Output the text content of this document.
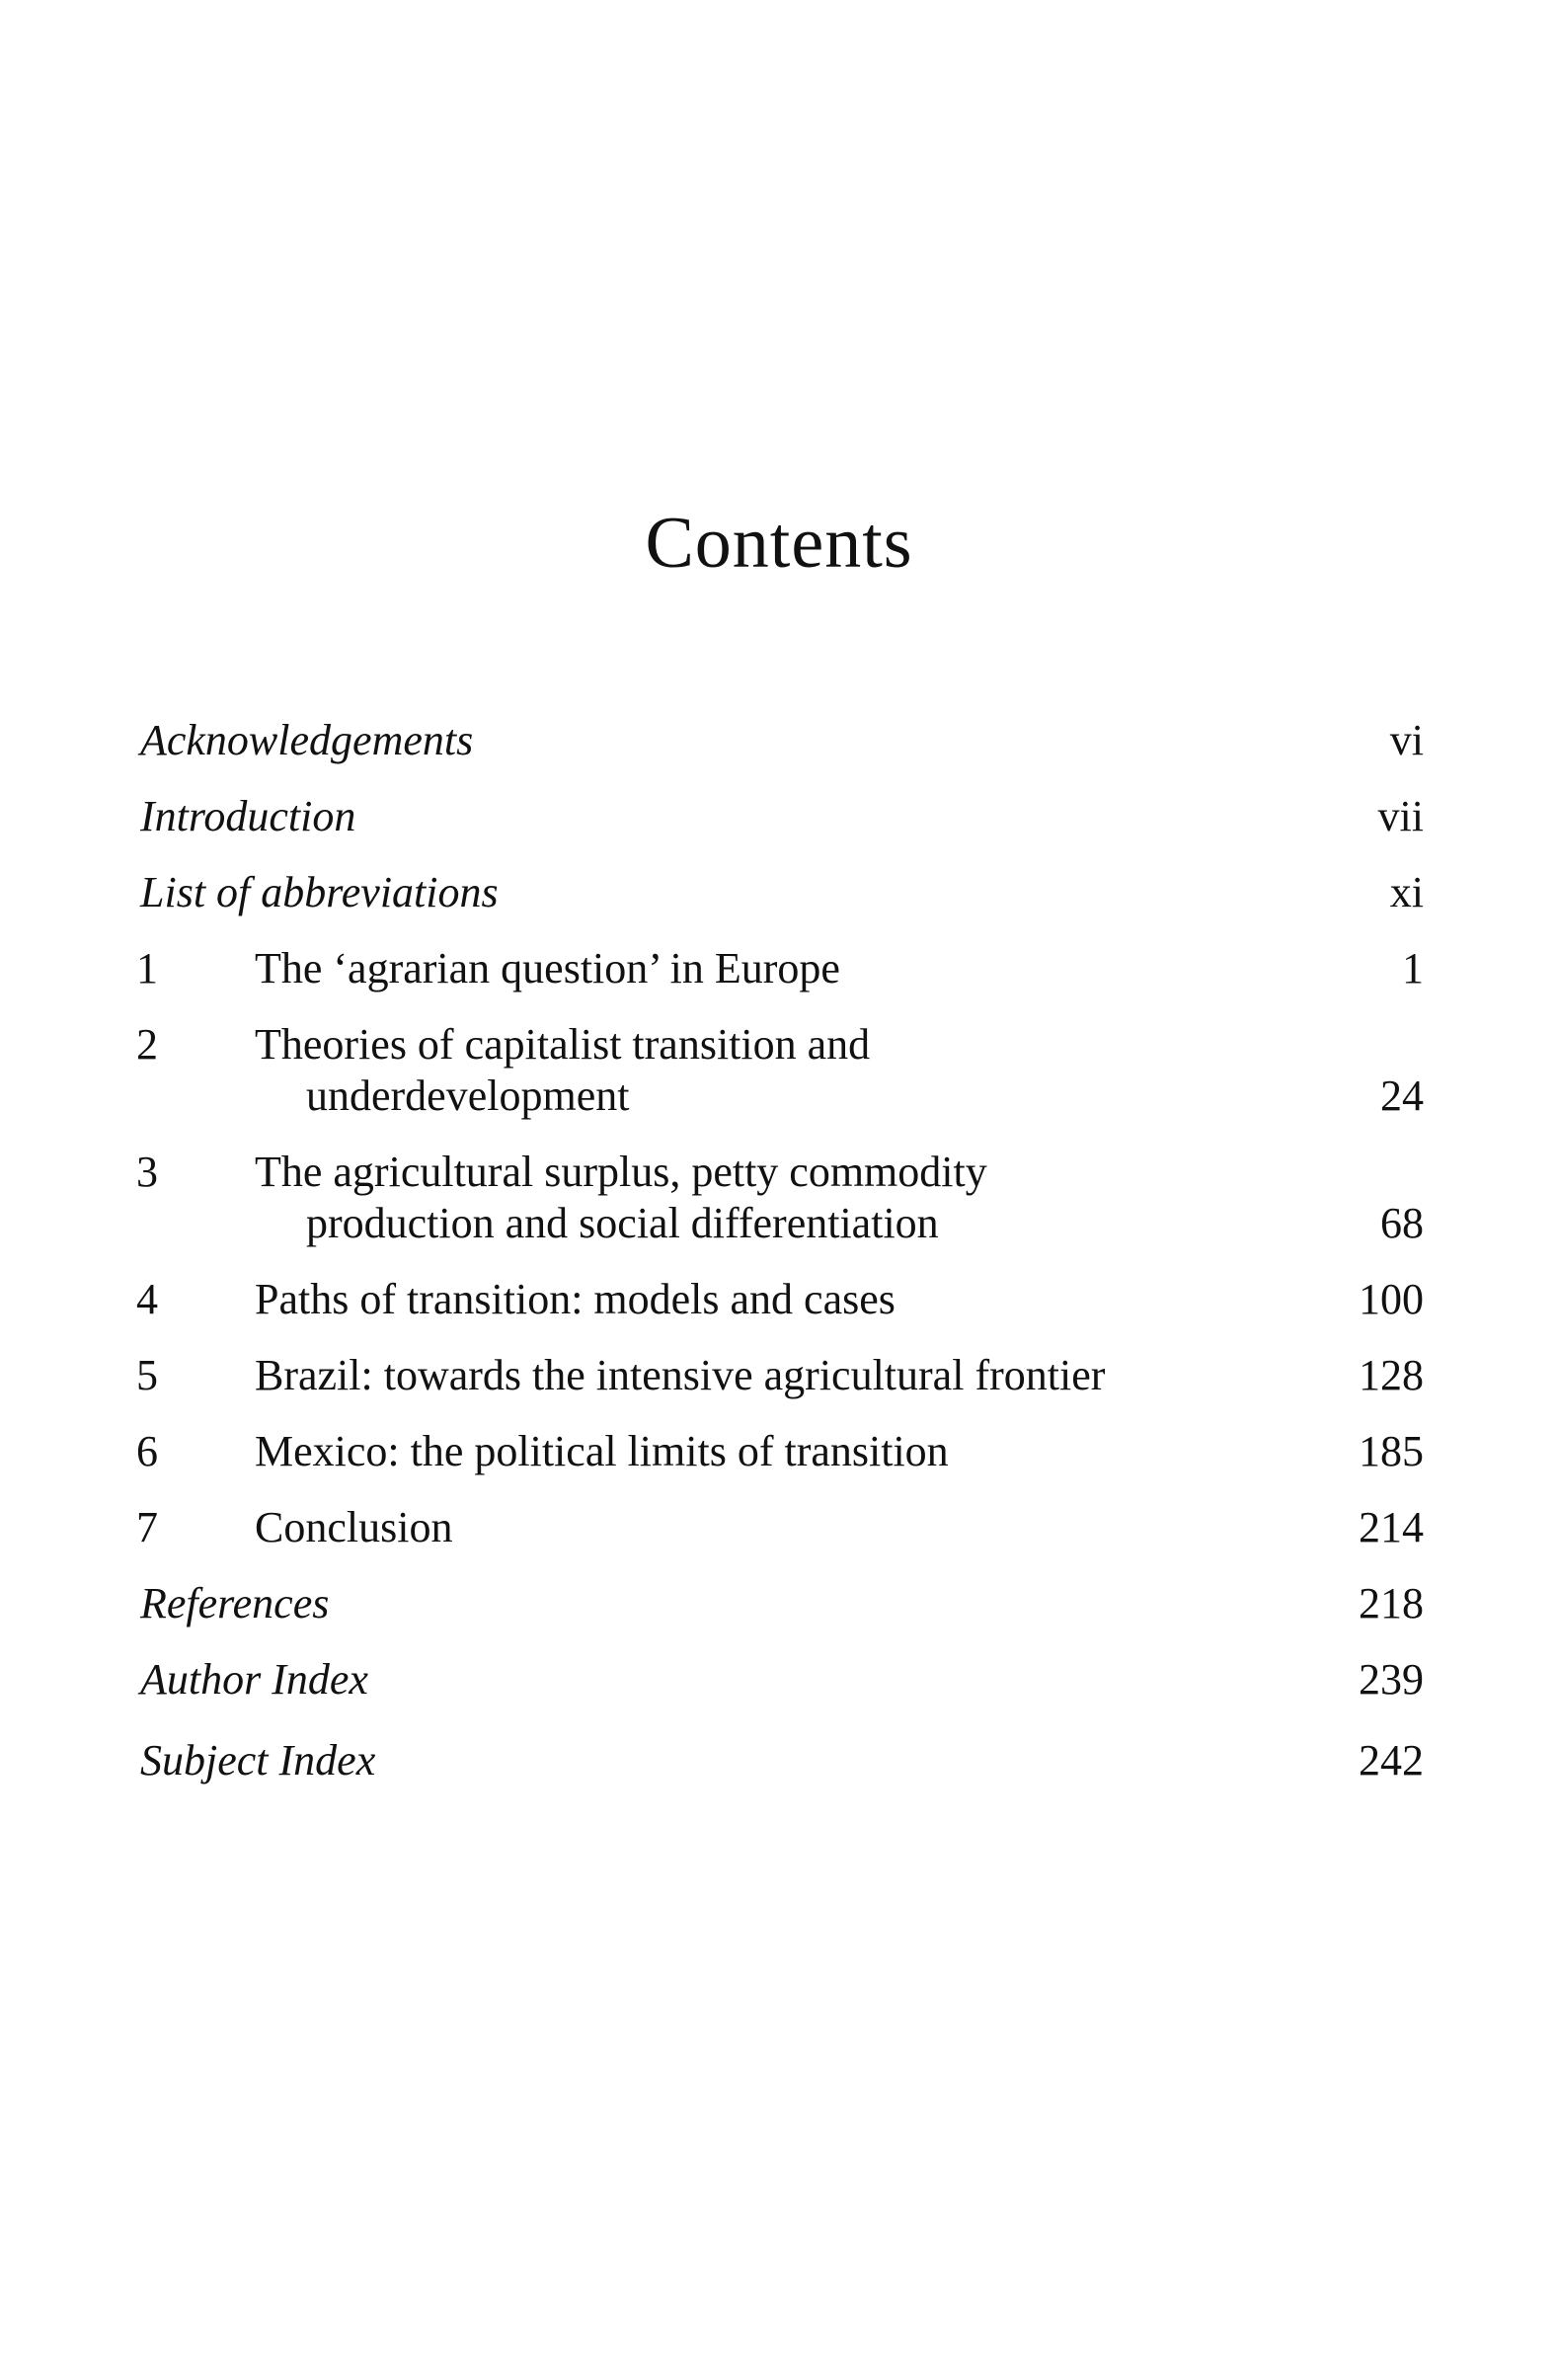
Contents
Acknowledgements	vi
Introduction	vii
List of abbreviations	xi
1 The ‘agrarian question’ in Europe	1
2 Theories of capitalist transition and
underdevelopment	24
3 The agricultural surplus, petty commodity
production and social differentiation	68
4 Paths of transition: models and cases	100
5 Brazil: towards the intensive agricultural frontier	128
6 Mexico: the political limits of transition	185
7 Conclusion	214
References	218
Author Index	239
Subject Index	242
